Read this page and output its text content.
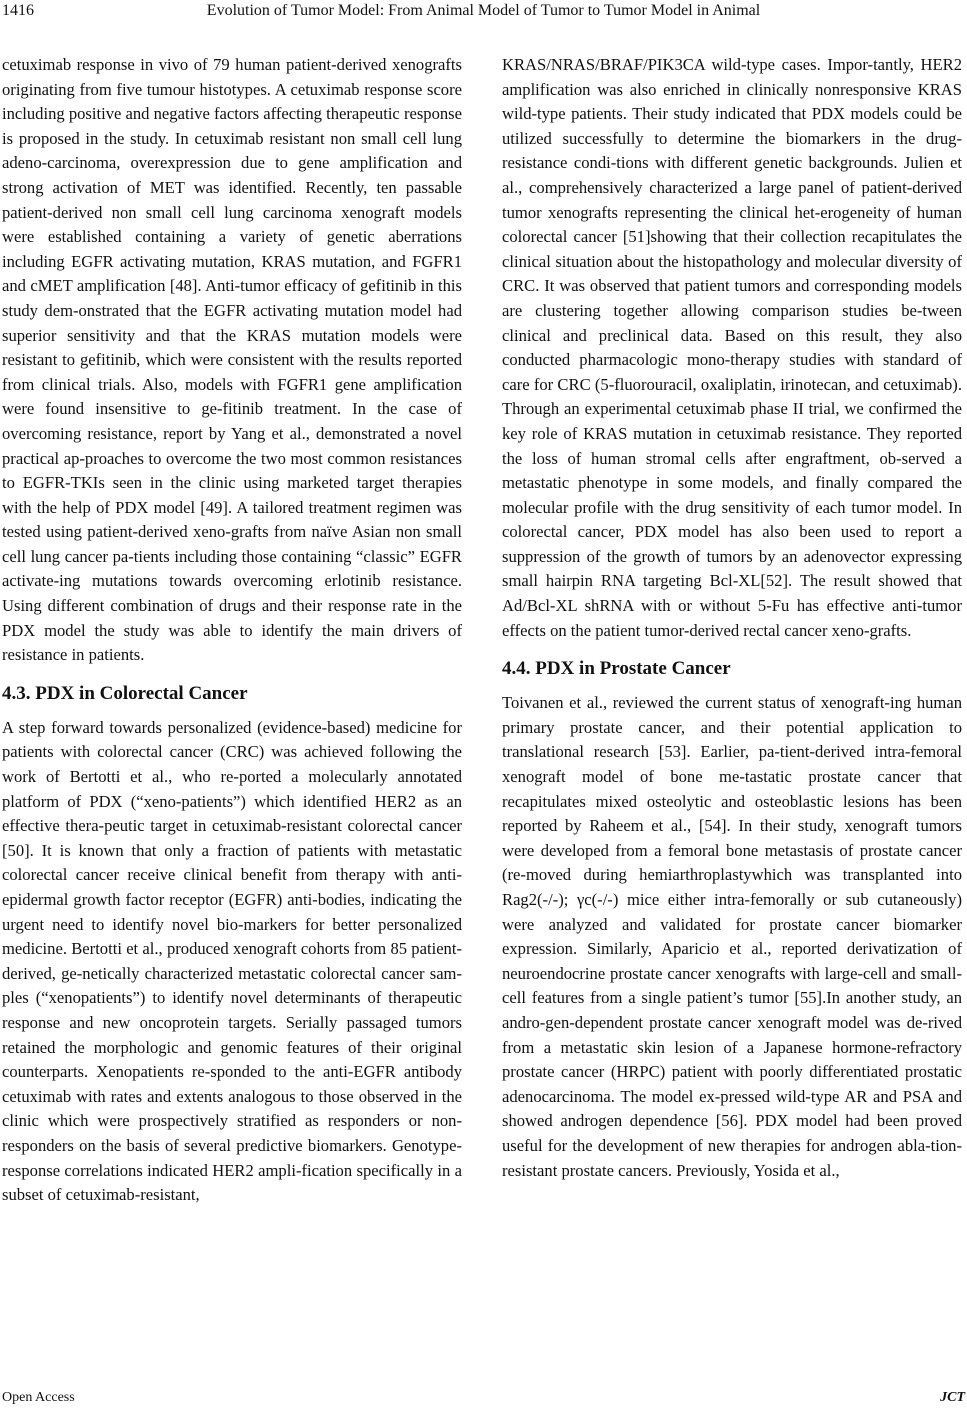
1416	Evolution of Tumor Model: From Animal Model of Tumor to Tumor Model in Animal

cetuximab response in vivo of 79 human patient-derived xenografts originating from five tumour histotypes. A cetuximab response score including positive and negative factors affecting therapeutic response is proposed in the study. In cetuximab resistant non small cell lung adeno-carcinoma, overexpression due to gene amplification and strong activation of MET was identified. Recently, ten passable patient-derived non small cell lung carcinoma xenograft models were established containing a variety of genetic aberrations including EGFR activating mutation, KRAS mutation, and FGFR1 and cMET amplification [48]. Anti-tumor efficacy of gefitinib in this study dem-onstrated that the EGFR activating mutation model had superior sensitivity and that the KRAS mutation models were resistant to gefitinib, which were consistent with the results reported from clinical trials. Also, models with FGFR1 gene amplification were found insensitive to ge-fitinib treatment. In the case of overcoming resistance, report by Yang et al., demonstrated a novel practical ap-proaches to overcome the two most common resistances to EGFR-TKIs seen in the clinic using marketed target therapies with the help of PDX model [49]. A tailored treatment regimen was tested using patient-derived xeno-grafts from naïve Asian non small cell lung cancer pa-tients including those containing “classic” EGFR activate-ing mutations towards overcoming erlotinib resistance. Using different combination of drugs and their response rate in the PDX model the study was able to identify the main drivers of resistance in patients.

4.3. PDX in Colorectal Cancer

A step forward towards personalized (evidence-based) medicine for patients with colorectal cancer (CRC) was achieved following the work of Bertotti et al., who re-ported a molecularly annotated platform of PDX (“xeno-patients”) which identified HER2 as an effective thera-peutic target in cetuximab-resistant colorectal cancer [50]. It is known that only a fraction of patients with metastatic colorectal cancer receive clinical benefit from therapy with anti-epidermal growth factor receptor (EGFR) anti-bodies, indicating the urgent need to identify novel bio-markers for better personalized medicine. Bertotti et al., produced xenograft cohorts from 85 patient-derived, ge-netically characterized metastatic colorectal cancer sam-ples (“xenopatients”) to identify novel determinants of therapeutic response and new oncoprotein targets. Serially passaged tumors retained the morphologic and genomic features of their original counterparts. Xenopatients re-sponded to the anti-EGFR antibody cetuximab with rates and extents analogous to those observed in the clinic which were prospectively stratified as responders or non-responders on the basis of several predictive biomarkers. Genotype-response correlations indicated HER2 ampli-fication specifically in a subset of cetuximab-resistant,

KRAS/NRAS/BRAF/PIK3CA wild-type cases. Impor-tantly, HER2 amplification was also enriched in clinically nonresponsive KRAS wild-type patients. Their study indicated that PDX models could be utilized successfully to determine the biomarkers in the drug-resistance condi-tions with different genetic backgrounds. Julien et al., comprehensively characterized a large panel of patient-derived tumor xenografts representing the clinical het-erogeneity of human colorectal cancer [51]showing that their collection recapitulates the clinical situation about the histopathology and molecular diversity of CRC. It was observed that patient tumors and corresponding models are clustering together allowing comparison studies be-tween clinical and preclinical data. Based on this result, they also conducted pharmacologic mono-therapy studies with standard of care for CRC (5-fluorouracil, oxaliplatin, irinotecan, and cetuximab). Through an experimental cetuximab phase II trial, we confirmed the key role of KRAS mutation in cetuximab resistance. They reported the loss of human stromal cells after engraftment, ob-served a metastatic phenotype in some models, and finally compared the molecular profile with the drug sensitivity of each tumor model. In colorectal cancer, PDX model has also been used to report a suppression of the growth of tumors by an adenovector expressing small hairpin RNA targeting Bcl-XL[52]. The result showed that Ad/Bcl-XL shRNA with or without 5-Fu has effective anti-tumor effects on the patient tumor-derived rectal cancer xeno-grafts.

4.4. PDX in Prostate Cancer

Toivanen et al., reviewed the current status of xenograft-ing human primary prostate cancer, and their potential application to translational research [53]. Earlier, pa-tient-derived intra-femoral xenograft model of bone me-tastatic prostate cancer that recapitulates mixed osteolytic and osteoblastic lesions has been reported by Raheem et al., [54]. In their study, xenograft tumors were developed from a femoral bone metastasis of prostate cancer (re-moved during hemiarthroplastywhich was transplanted into Rag2(-/-); γc(-/-) mice either intra-femorally or sub cutaneously) were analyzed and validated for prostate cancer biomarker expression. Similarly, Aparicio et al., reported derivatization of neuroendocrine prostate cancer xenografts with large-cell and small-cell features from a single patient’s tumor [55].In another study, an andro-gen-dependent prostate cancer xenograft model was de-rived from a metastatic skin lesion of a Japanese hormone-refractory prostate cancer (HRPC) patient with poorly differentiated prostatic adenocarcinoma. The model ex-pressed wild-type AR and PSA and showed androgen dependence [56]. PDX model had been proved useful for the development of new therapies for androgen abla-tion-resistant prostate cancers. Previously, Yosida et al.,

Open Access	JCT
